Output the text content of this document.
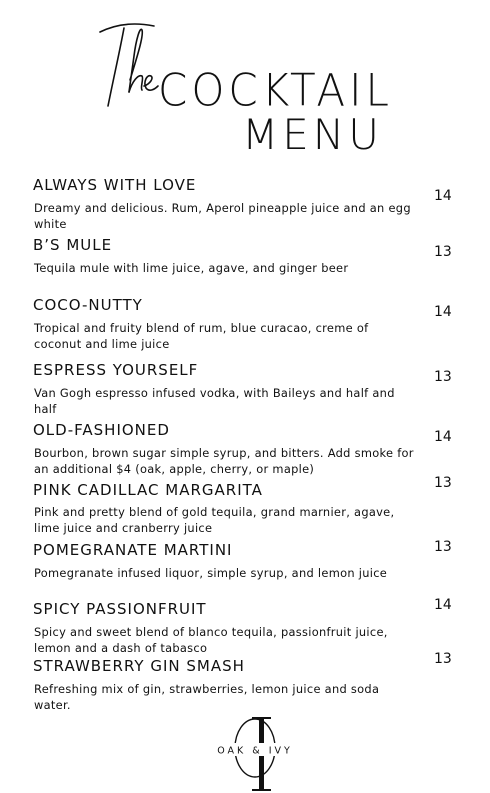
COCKTAIL
MENU
ALWAYS WITH LOVE
Dreamy and delicious. Rum, Aperol pineapple juice and an egg white
14
B’S MULE
Tequila mule with lime juice, agave, and ginger beer
13
COCO-NUTTY
Tropical and fruity blend of rum, blue curacao, creme of coconut and lime juice
14
ESPRESS YOURSELF
Van Gogh espresso infused vodka, with Baileys and half and half
13
OLD-FASHIONED
Bourbon, brown sugar simple syrup, and bitters. Add smoke for an additional $4 (oak, apple, cherry, or maple)
14
PINK CADILLAC MARGARITA
Pink and pretty blend of gold tequila, grand marnier, agave, lime juice and cranberry juice
13
POMEGRANATE MARTINI
Pomegranate infused liquor, simple syrup, and lemon juice
13
SPICY PASSIONFRUIT
Spicy and sweet blend of blanco tequila, passionfruit juice, lemon and a dash of tabasco
14
STRAWBERRY GIN SMASH
Refreshing mix of gin, strawberries, lemon juice and soda water.
13
OAK & IVY
